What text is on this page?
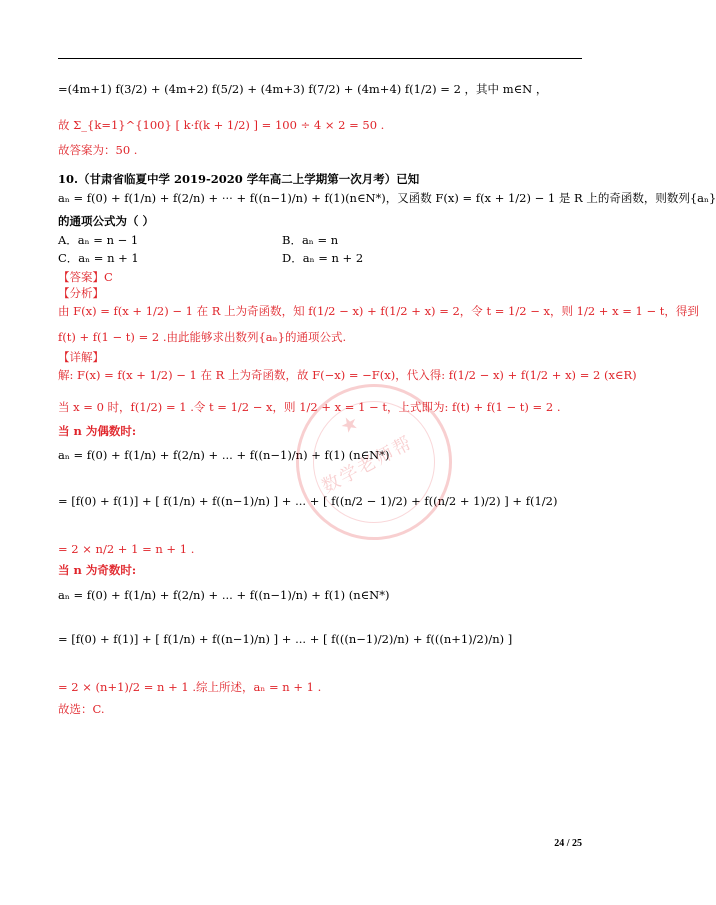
=(4m+1) f(3/2) + (4m+2) f(5/2) + (4m+3) f(7/2) + (4m+4) f(1/2) = 2 ，其中 m∈N ，
故 Σ_{k=1}^{100} [ k·f(k + 1/2) ] = 100 ÷ 4 × 2 = 50 .
故答案为：50 .
10.（甘肃省临夏中学 2019-2020 学年高二上学期第一次月考）已知
aₙ = f(0) + f(1/n) + f(2/n) + ··· + f((n−1)/n) + f(1)(n∈N*)，又函数 F(x) = f(x + 1/2) − 1 是 R 上的奇函数，则数列{aₙ}
的通项公式为（ ）
【答案】C
【分析】
由 F(x) = f(x + 1/2) − 1 在 R 上为奇函数，知 f(1/2 − x) + f(1/2 + x) = 2，令 t = 1/2 − x，则 1/2 + x = 1 − t，得到
f(t) + f(1 − t) = 2 .由此能够求出数列{aₙ}的通项公式.
【详解】
解: F(x) = f(x + 1/2) − 1 在 R 上为奇函数，故 F(−x) = −F(x)，代入得: f(1/2 − x) + f(1/2 + x) = 2 (x∈R)
当 x = 0 时，f(1/2) = 1 .令 t = 1/2 − x，则 1/2 + x = 1 − t，上式即为: f(t) + f(1 − t) = 2 .
当 n 为偶数时:
aₙ = f(0) + f(1/n) + f(2/n) + ... + f((n−1)/n) + f(1) (n∈N*)
= [f(0) + f(1)] + [ f(1/n) + f((n−1)/n) ] + ... + [ f((n/2 − 1)/2) + f((n/2 + 1)/2) ] + f(1/2)
= 2 × n/2 + 1 = n + 1 .
当 n 为奇数时:
aₙ = f(0) + f(1/n) + f(2/n) + ... + f((n−1)/n) + f(1) (n∈N*)
= [f(0) + f(1)] + [ f(1/n) + f((n−1)/n) ] + ... + [ f(((n−1)/2)/n) + f(((n+1)/2)/n) ]
= 2 × (n+1)/2 = n + 1 .综上所述，aₙ = n + 1 .
故选：C.
A．aₙ = n − 1	B．aₙ = n
C．aₙ = n + 1	D．aₙ = n + 2
★
数学老师帮
24 / 25
